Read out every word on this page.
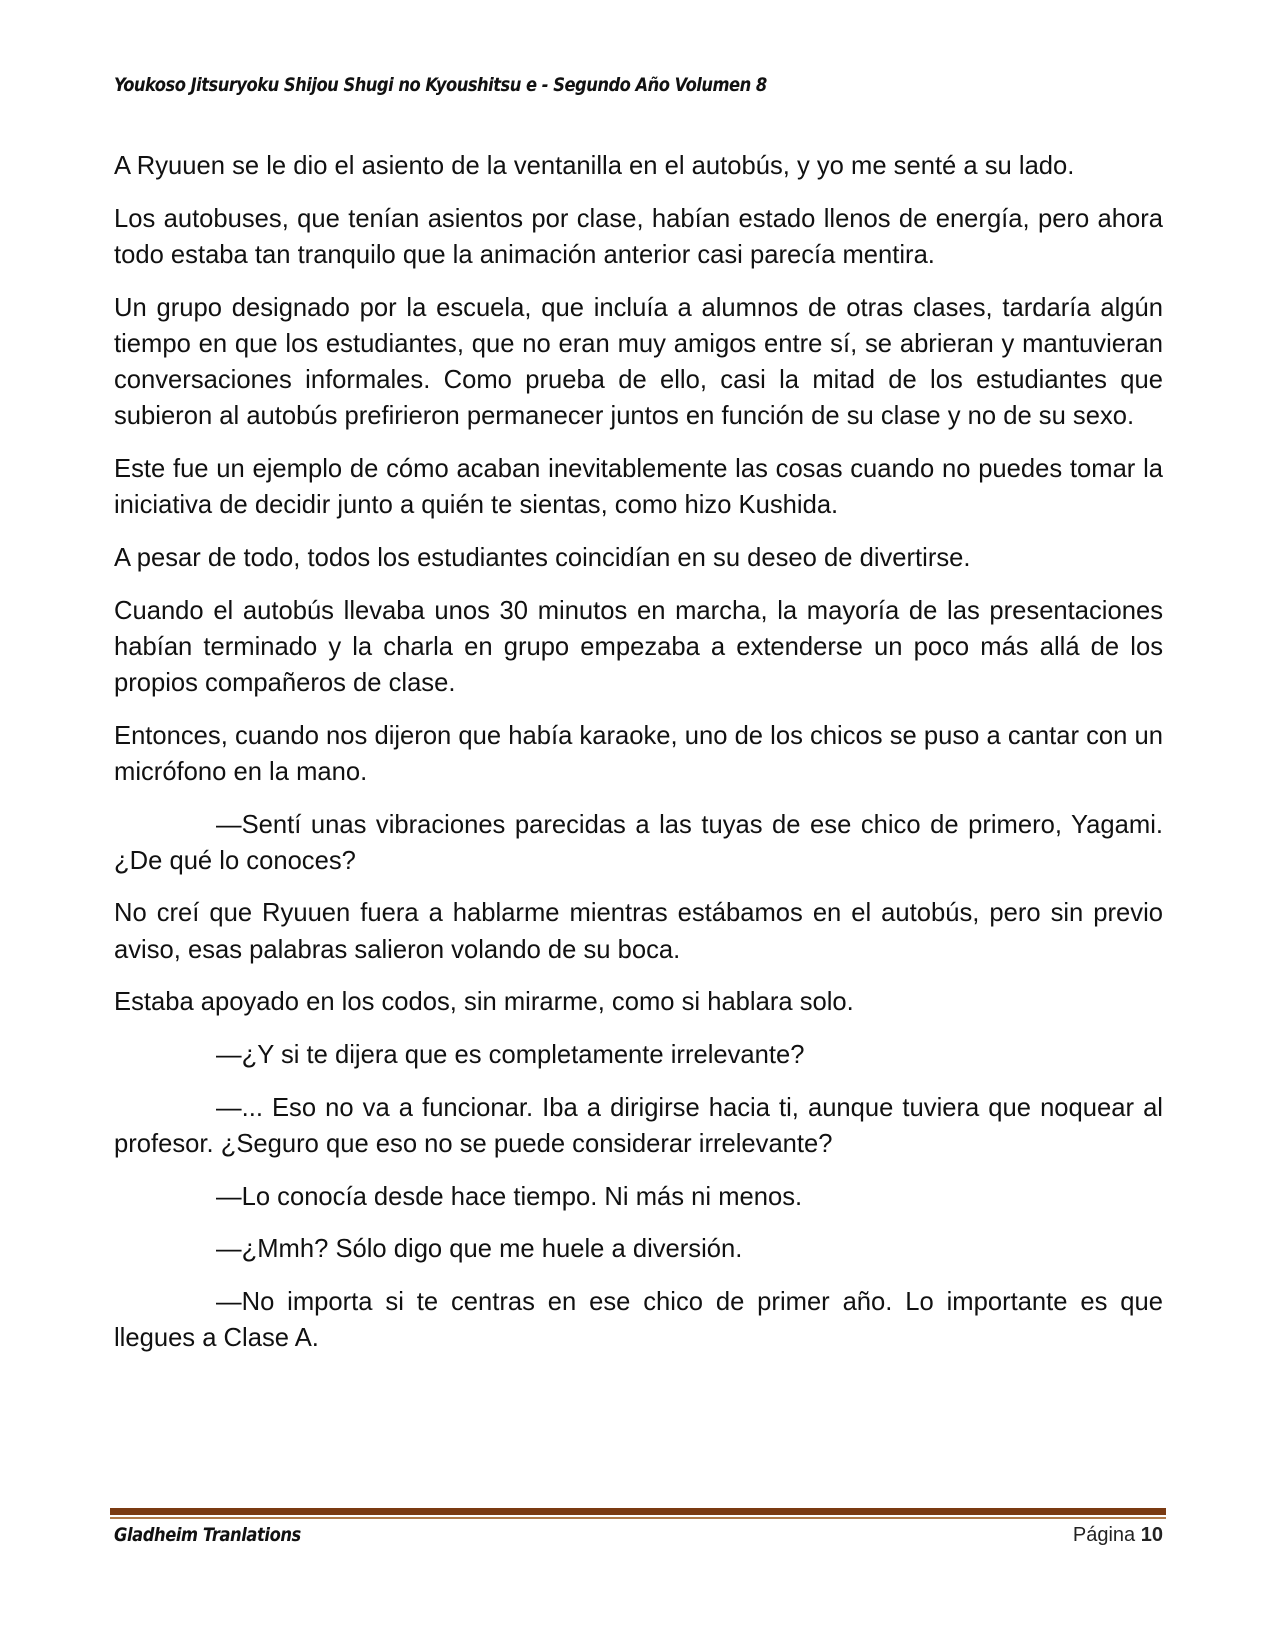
Youkoso Jitsuryoku Shijou Shugi no Kyoushitsu e - Segundo Año Volumen 8

A Ryuuen se le dio el asiento de la ventanilla en el autobús, y yo me senté a su lado.

Los autobuses, que tenían asientos por clase, habían estado llenos de energía, pero ahora todo estaba tan tranquilo que la animación anterior casi parecía mentira.

Un grupo designado por la escuela, que incluía a alumnos de otras clases, tardaría algún tiempo en que los estudiantes, que no eran muy amigos entre sí, se abrieran y mantuvieran conversaciones informales. Como prueba de ello, casi la mitad de los estudiantes que subieron al autobús prefirieron permanecer juntos en función de su clase y no de su sexo.

Este fue un ejemplo de cómo acaban inevitablemente las cosas cuando no puedes tomar la iniciativa de decidir junto a quién te sientas, como hizo Kushida.

A pesar de todo, todos los estudiantes coincidían en su deseo de divertirse.

Cuando el autobús llevaba unos 30 minutos en marcha, la mayoría de las presentaciones habían terminado y la charla en grupo empezaba a extenderse un poco más allá de los propios compañeros de clase.

Entonces, cuando nos dijeron que había karaoke, uno de los chicos se puso a cantar con un micrófono en la mano.

—Sentí unas vibraciones parecidas a las tuyas de ese chico de primero, Yagami. ¿De qué lo conoces?

No creí que Ryuuen fuera a hablarme mientras estábamos en el autobús, pero sin previo aviso, esas palabras salieron volando de su boca.

Estaba apoyado en los codos, sin mirarme, como si hablara solo.

—¿Y si te dijera que es completamente irrelevante?

—... Eso no va a funcionar. Iba a dirigirse hacia ti, aunque tuviera que noquear al profesor. ¿Seguro que eso no se puede considerar irrelevante?

—Lo conocía desde hace tiempo. Ni más ni menos.

—¿Mmh? Sólo digo que me huele a diversión.

—No importa si te centras en ese chico de primer año. Lo importante es que llegues a Clase A.

Gladheim Tranlations	Página 10
